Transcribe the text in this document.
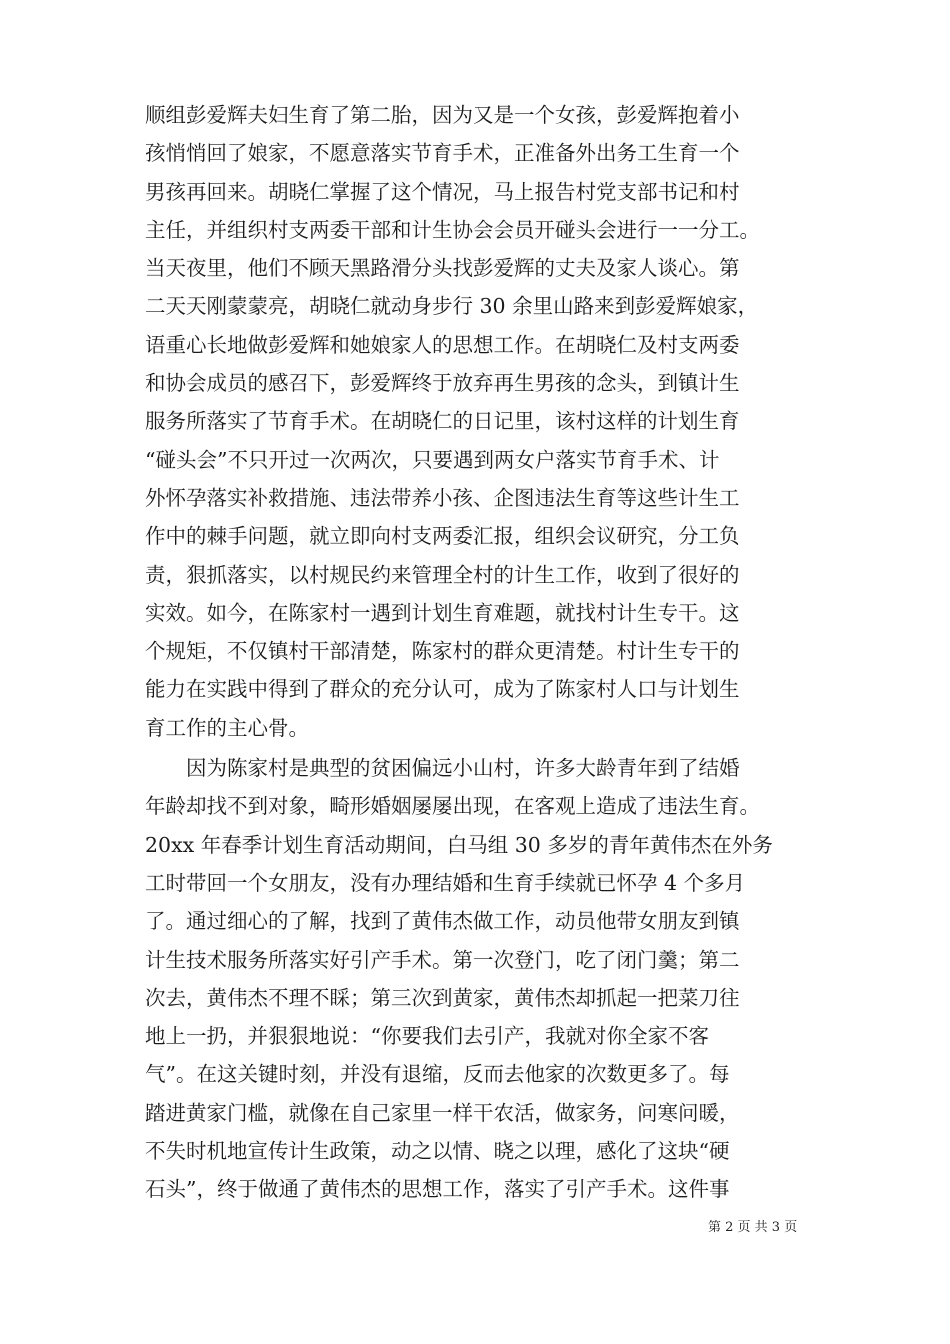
顺组彭爱辉夫妇生育了第二胎，因为又是一个女孩，彭爱辉抱着小
孩悄悄回了娘家，不愿意落实节育手术，正准备外出务工生育一个
男孩再回来。胡晓仁掌握了这个情况，马上报告村党支部书记和村
主任，并组织村支两委干部和计生协会会员开碰头会进行一一分工。
当天夜里，他们不顾天黑路滑分头找彭爱辉的丈夫及家人谈心。第
二天天刚蒙蒙亮，胡晓仁就动身步行 30 余里山路来到彭爱辉娘家，
语重心长地做彭爱辉和她娘家人的思想工作。在胡晓仁及村支两委
和协会成员的感召下，彭爱辉终于放弃再生男孩的念头，到镇计生
服务所落实了节育手术。在胡晓仁的日记里，该村这样的计划生育
“碰头会”不只开过一次两次，只要遇到两女户落实节育手术、计
外怀孕落实补救措施、违法带养小孩、企图违法生育等这些计生工
作中的棘手问题，就立即向村支两委汇报，组织会议研究，分工负
责，狠抓落实，以村规民约来管理全村的计生工作，收到了很好的
实效。如今，在陈家村一遇到计划生育难题，就找村计生专干。这
个规矩，不仅镇村干部清楚，陈家村的群众更清楚。村计生专干的
能力在实践中得到了群众的充分认可，成为了陈家村人口与计划生
育工作的主心骨。
　　因为陈家村是典型的贫困偏远小山村，许多大龄青年到了结婚
年龄却找不到对象，畸形婚姻屡屡出现，在客观上造成了违法生育。
20xx 年春季计划生育活动期间，白马组 30 多岁的青年黄伟杰在外务
工时带回一个女朋友，没有办理结婚和生育手续就已怀孕 4 个多月
了。通过细心的了解，找到了黄伟杰做工作，动员他带女朋友到镇
计生技术服务所落实好引产手术。第一次登门，吃了闭门羹；第二
次去，黄伟杰不理不睬；第三次到黄家，黄伟杰却抓起一把菜刀往
地上一扔，并狠狠地说：“你要我们去引产，我就对你全家不客
气”。在这关键时刻，并没有退缩，反而去他家的次数更多了。每
踏进黄家门槛，就像在自己家里一样干农活，做家务，问寒问暖，
不失时机地宣传计生政策，动之以情、晓之以理，感化了这块“硬
石头”，终于做通了黄伟杰的思想工作，落实了引产手术。这件事
第 2 页 共 3 页
